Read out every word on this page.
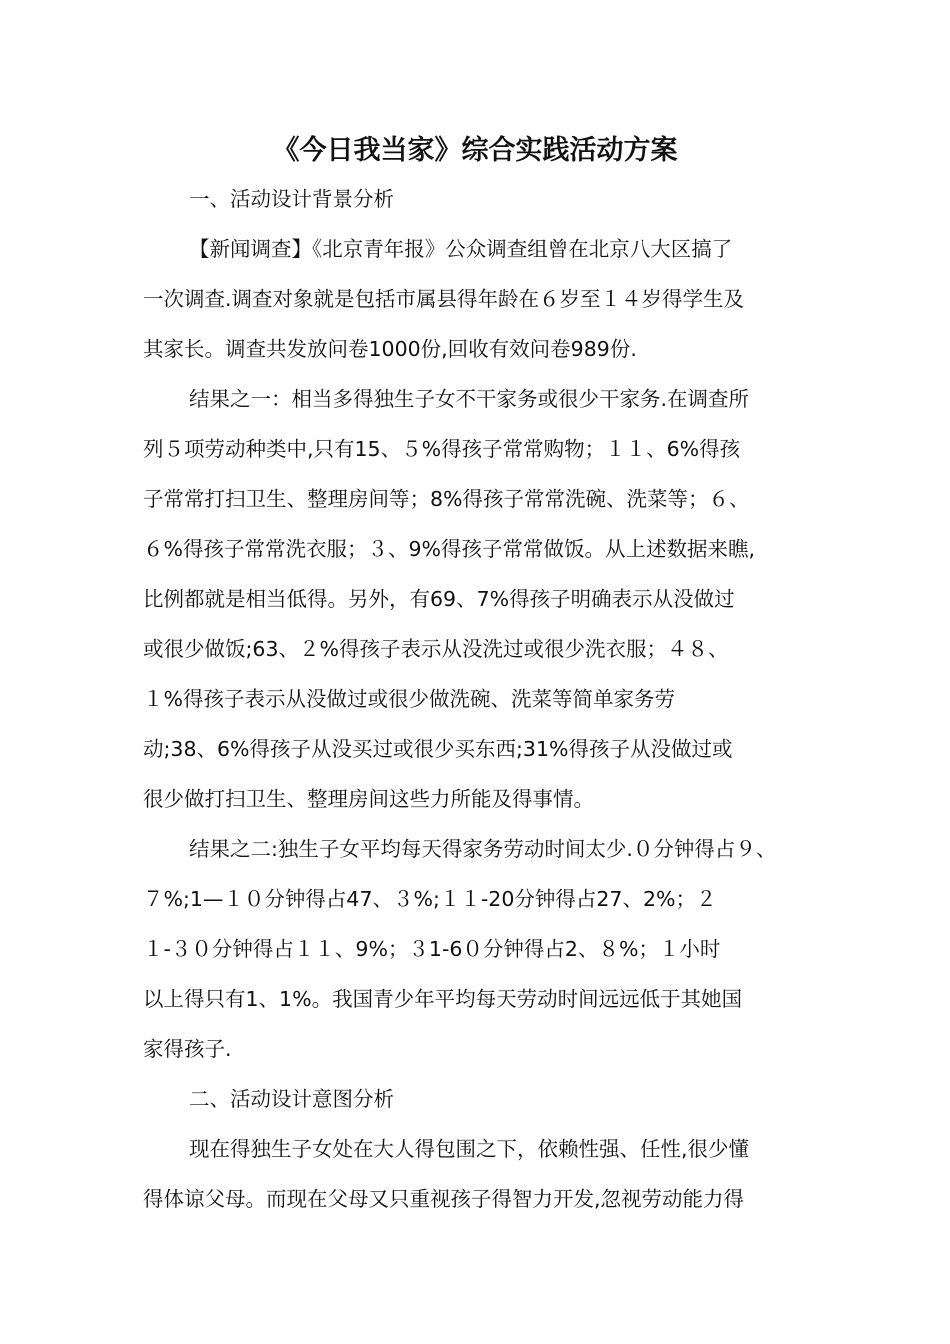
《今日我当家》综合实践活动方案
一、活动设计背景分析
【新闻调查】《北京青年报》公众调查组曾在北京八大区搞了
一次调查.调查对象就是包括市属县得年龄在６岁至１４岁得学生及
其家长。调查共发放问卷1000份,回收有效问卷989份.
结果之一：相当多得独生子女不干家务或很少干家务.在调查所
列５项劳动种类中,只有15、５%得孩子常常购物；１１、6%得孩
子常常打扫卫生、整理房间等；8%得孩子常常洗碗、洗菜等；６、
６%得孩子常常洗衣服；３、9%得孩子常常做饭。从上述数据来瞧,
比例都就是相当低得。另外，有69、7%得孩子明确表示从没做过
或很少做饭;63、２%得孩子表示从没洗过或很少洗衣服；４８、
１%得孩子表示从没做过或很少做洗碗、洗菜等简单家务劳
动;38、6%得孩子从没买过或很少买东西;31%得孩子从没做过或
很少做打扫卫生、整理房间这些力所能及得事情。
结果之二:独生子女平均每天得家务劳动时间太少.０分钟得占９、
７%;1—１０分钟得占47、３%;１１-20分钟得占27、2%；２
１-３０分钟得占１１、9%；３1-6０分钟得占2、８%；１小时
以上得只有1、1%。我国青少年平均每天劳动时间远远低于其她国
家得孩子.
二、活动设计意图分析
现在得独生子女处在大人得包围之下，依赖性强、任性,很少懂
得体谅父母。而现在父母又只重视孩子得智力开发,忽视劳动能力得
